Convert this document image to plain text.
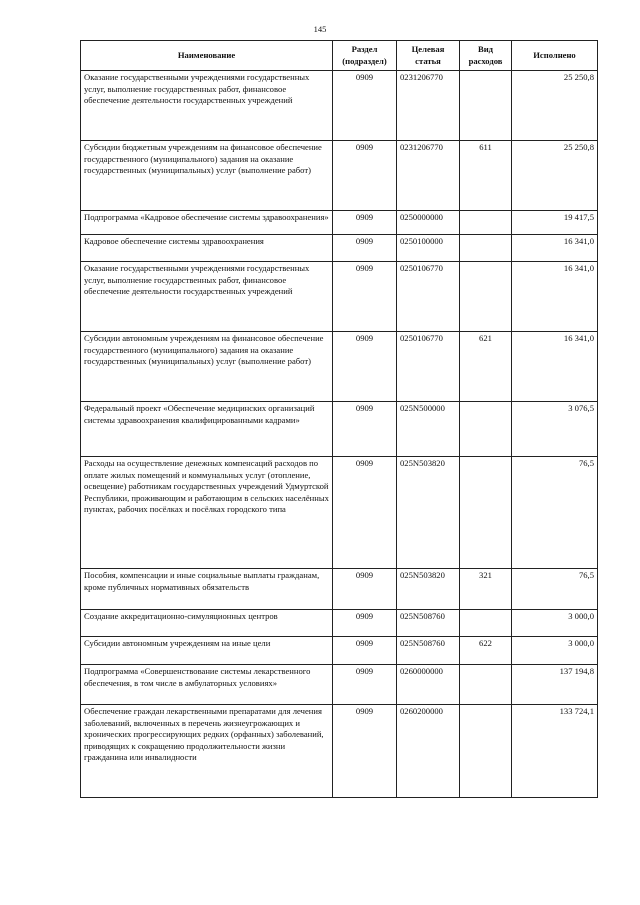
145
Наименование	Раздел (подраздел)	Целевая статья	Вид расходов	Исполнено
Оказание государственными учреждениями государственных услуг, выполнение государственных работ, финансовое обеспечение деятельности государственных учреждений	0909	0231206770		25 250,8
Субсидии бюджетным учреждениям на финансовое обеспечение государственного (муниципального) задания на оказание государственных (муниципальных) услуг (выполнение работ)	0909	0231206770	611	25 250,8
Подпрограмма «Кадровое обеспечение системы здравоохранения»	0909	0250000000		19 417,5
Кадровое обеспечение системы здравоохранения	0909	0250100000		16 341,0
Оказание государственными учреждениями государственных услуг, выполнение государственных работ, финансовое обеспечение деятельности государственных учреждений	0909	0250106770		16 341,0
Субсидии автономным учреждениям на финансовое обеспечение государственного (муниципального) задания на оказание государственных (муниципальных) услуг (выполнение работ)	0909	0250106770	621	16 341,0
Федеральный проект «Обеспечение медицинских организаций системы здравоохранения квалифицированными кадрами»	0909	025N500000		3 076,5
Расходы на осуществление денежных компенсаций расходов по оплате жилых помещений и коммунальных услуг (отопление, освещение) работникам государственных учреждений Удмуртской Республики, проживающим и работающим в сельских населённых пунктах, рабочих посёлках и посёлках городского типа	0909	025N503820		76,5
Пособия, компенсации и иные социальные выплаты гражданам, кроме публичных нормативных обязательств	0909	025N503820	321	76,5
Создание аккредитационно-симуляционных центров	0909	025N508760		3 000,0
Субсидии автономным учреждениям на иные цели	0909	025N508760	622	3 000,0
Подпрограмма «Совершенствование системы лекарственного обеспечения, в том числе в амбулаторных условиях»	0909	0260000000		137 194,8
Обеспечение граждан лекарственными препаратами для лечения заболеваний, включенных в перечень жизнеугрожающих и хронических прогрессирующих редких (орфанных) заболеваний, приводящих к сокращению продолжительности жизни гражданина или инвалидности	0909	0260200000		133 724,1
